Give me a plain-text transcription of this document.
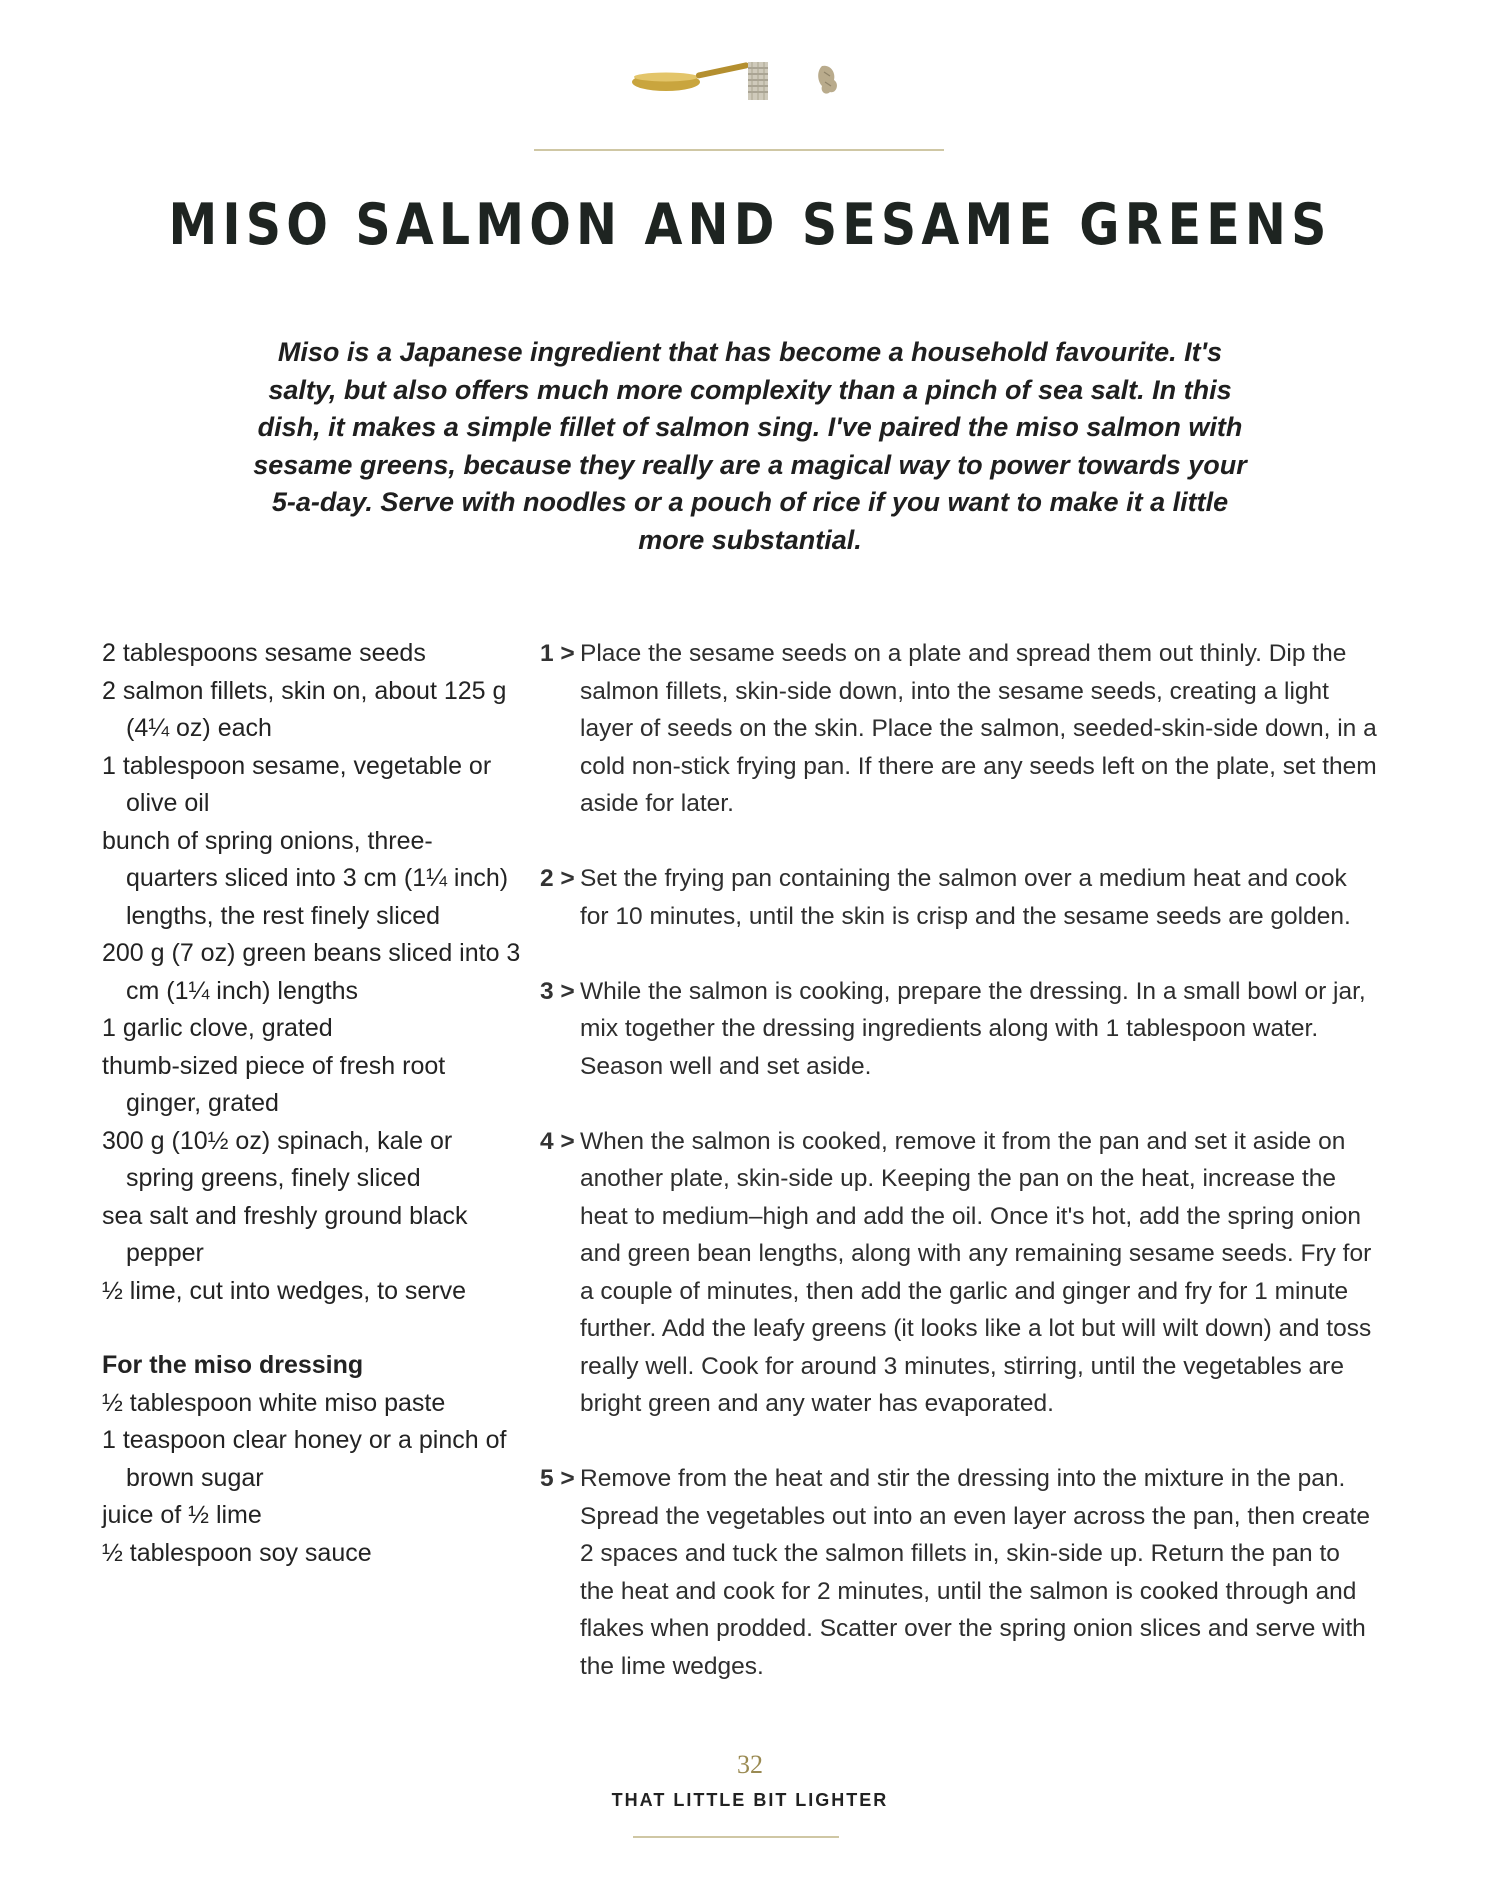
MISO SALMON AND SESAME GREENS

Miso is a Japanese ingredient that has become a household favourite. It's salty, but also offers much more complexity than a pinch of sea salt. In this dish, it makes a simple fillet of salmon sing. I've paired the miso salmon with sesame greens, because they really are a magical way to power towards your 5-a-day. Serve with noodles or a pouch of rice if you want to make it a little more substantial.

2 tablespoons sesame seeds

2 salmon fillets, skin on, about 125 g (4¼ oz) each

1 tablespoon sesame, vegetable or olive oil

bunch of spring onions, three-quarters sliced into 3 cm (1¼ inch) lengths, the rest finely sliced

200 g (7 oz) green beans sliced into 3 cm (1¼ inch) lengths

1 garlic clove, grated

thumb-sized piece of fresh root ginger, grated

300 g (10½ oz) spinach, kale or spring greens, finely sliced

sea salt and freshly ground black pepper

½ lime, cut into wedges, to serve

For the miso dressing

½ tablespoon white miso paste

1 teaspoon clear honey or a pinch of brown sugar

juice of ½ lime

½ tablespoon soy sauce

1 > Place the sesame seeds on a plate and spread them out thinly. Dip the salmon fillets, skin-side down, into the sesame seeds, creating a light layer of seeds on the skin. Place the salmon, seeded-skin-side down, in a cold non-stick frying pan. If there are any seeds left on the plate, set them aside for later.
2 > Set the frying pan containing the salmon over a medium heat and cook for 10 minutes, until the skin is crisp and the sesame seeds are golden.
3 > While the salmon is cooking, prepare the dressing. In a small bowl or jar, mix together the dressing ingredients along with 1 tablespoon water. Season well and set aside.
4 > When the salmon is cooked, remove it from the pan and set it aside on another plate, skin-side up. Keeping the pan on the heat, increase the heat to medium–high and add the oil. Once it's hot, add the spring onion and green bean lengths, along with any remaining sesame seeds. Fry for a couple of minutes, then add the garlic and ginger and fry for 1 minute further. Add the leafy greens (it looks like a lot but will wilt down) and toss really well. Cook for around 3 minutes, stirring, until the vegetables are bright green and any water has evaporated.
5 > Remove from the heat and stir the dressing into the mixture in the pan. Spread the vegetables out into an even layer across the pan, then create 2 spaces and tuck the salmon fillets in, skin-side up. Return the pan to the heat and cook for 2 minutes, until the salmon is cooked through and flakes when prodded. Scatter over the spring onion slices and serve with the lime wedges.
32
THAT LITTLE BIT LIGHTER
